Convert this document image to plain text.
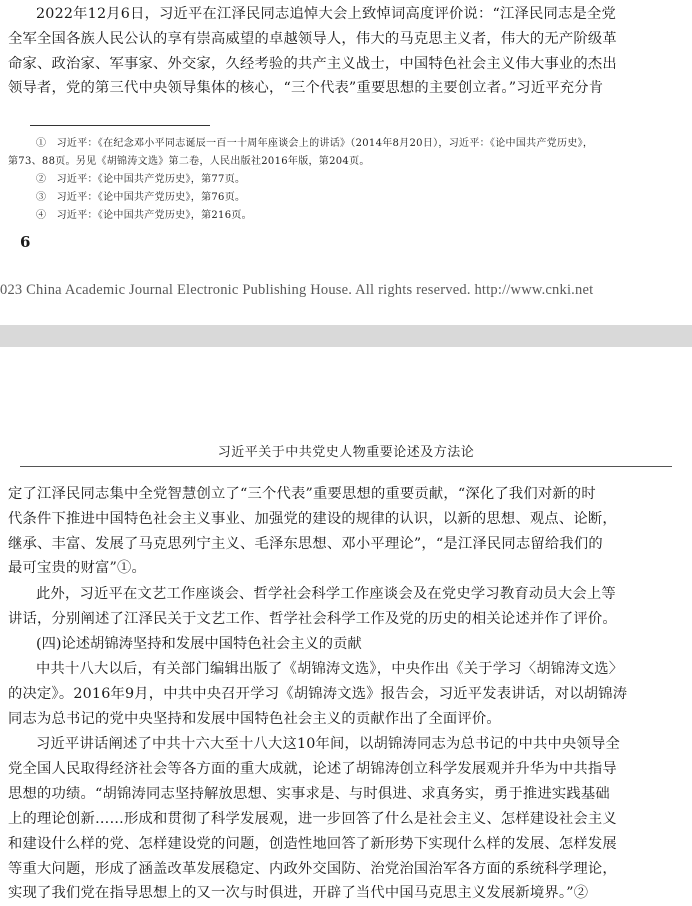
2022年12月6日，习近平在江泽民同志追悼大会上致悼词高度评价说：“江泽民同志是全党
全军全国各族人民公认的享有崇高威望的卓越领导人，伟大的马克思主义者，伟大的无产阶级革
命家、政治家、军事家、外交家，久经考验的共产主义战士，中国特色社会主义伟大事业的杰出
领导者，党的第三代中央领导集体的核心，“三个代表”重要思想的主要创立者。”习近平充分肯
①　习近平：《在纪念邓小平同志诞辰一百一十周年座谈会上的讲话》（2014年8月20日），习近平：《论中国共产党历史》，
第73、88页。另见《胡锦涛文选》第二卷，人民出版社2016年版，第204页。
②　习近平：《论中国共产党历史》，第77页。
③　习近平：《论中国共产党历史》，第76页。
④　习近平：《论中国共产党历史》，第216页。
6
023 China Academic Journal Electronic Publishing House. All rights reserved. http://www.cnki.net
习近平关于中共党史人物重要论述及方法论
定了江泽民同志集中全党智慧创立了“三个代表”重要思想的重要贡献，“深化了我们对新的时
代条件下推进中国特色社会主义事业、加强党的建设的规律的认识，以新的思想、观点、论断，
继承、丰富、发展了马克思列宁主义、毛泽东思想、邓小平理论”，“是江泽民同志留给我们的
最可宝贵的财富”①。
此外，习近平在文艺工作座谈会、哲学社会科学工作座谈会及在党史学习教育动员大会上等
讲话，分别阐述了江泽民关于文艺工作、哲学社会科学工作及党的历史的相关论述并作了评价。
(四)论述胡锦涛坚持和发展中国特色社会主义的贡献
中共十八大以后，有关部门编辑出版了《胡锦涛文选》，中央作出《关于学习〈胡锦涛文选〉
的决定》。2016年9月，中共中央召开学习《胡锦涛文选》报告会，习近平发表讲话，对以胡锦涛
同志为总书记的党中央坚持和发展中国特色社会主义的贡献作出了全面评价。
习近平讲话阐述了中共十六大至十八大这10年间，以胡锦涛同志为总书记的中共中央领导全
党全国人民取得经济社会等各方面的重大成就，论述了胡锦涛创立科学发展观并升华为中共指导
思想的功绩。“胡锦涛同志坚持解放思想、实事求是、与时俱进、求真务实，勇于推进实践基础
上的理论创新……形成和贯彻了科学发展观，进一步回答了什么是社会主义、怎样建设社会主义
和建设什么样的党、怎样建设党的问题，创造性地回答了新形势下实现什么样的发展、怎样发展
等重大问题，形成了涵盖改革发展稳定、内政外交国防、治党治国治军各方面的系统科学理论，
实现了我们党在指导思想上的又一次与时俱进，开辟了当代中国马克思主义发展新境界。”②
